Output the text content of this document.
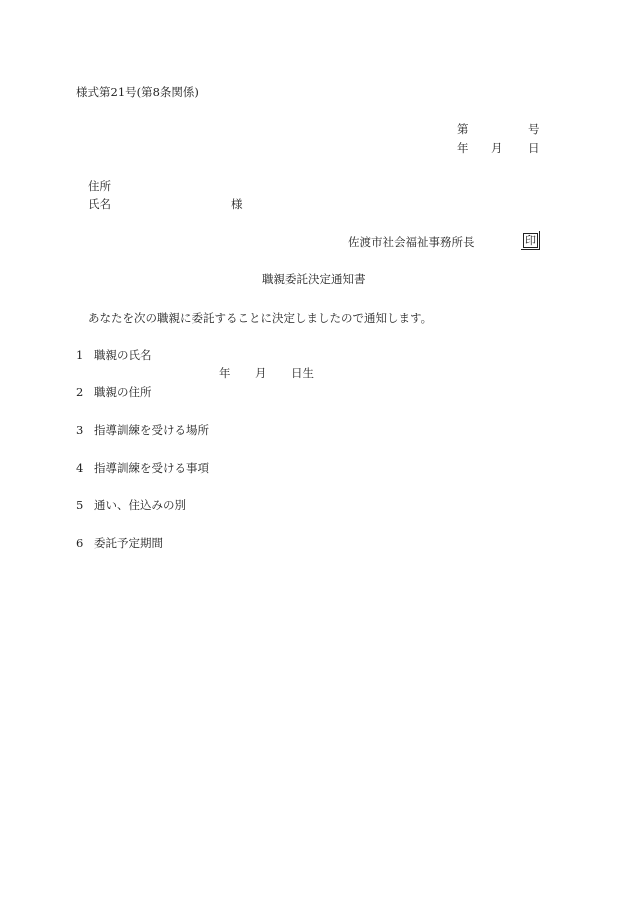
様式第21号(第8条関係)
第	号
年 月 日
住所
氏名	様
佐渡市社会福祉事務所長	印
職親委託決定通知書
あなたを次の職親に委託することに決定しましたので通知します。
1 職親の氏名
年 月 日生
2 職親の住所
3 指導訓練を受ける場所
4 指導訓練を受ける事項
5 通い、住込みの別
6 委託予定期間
